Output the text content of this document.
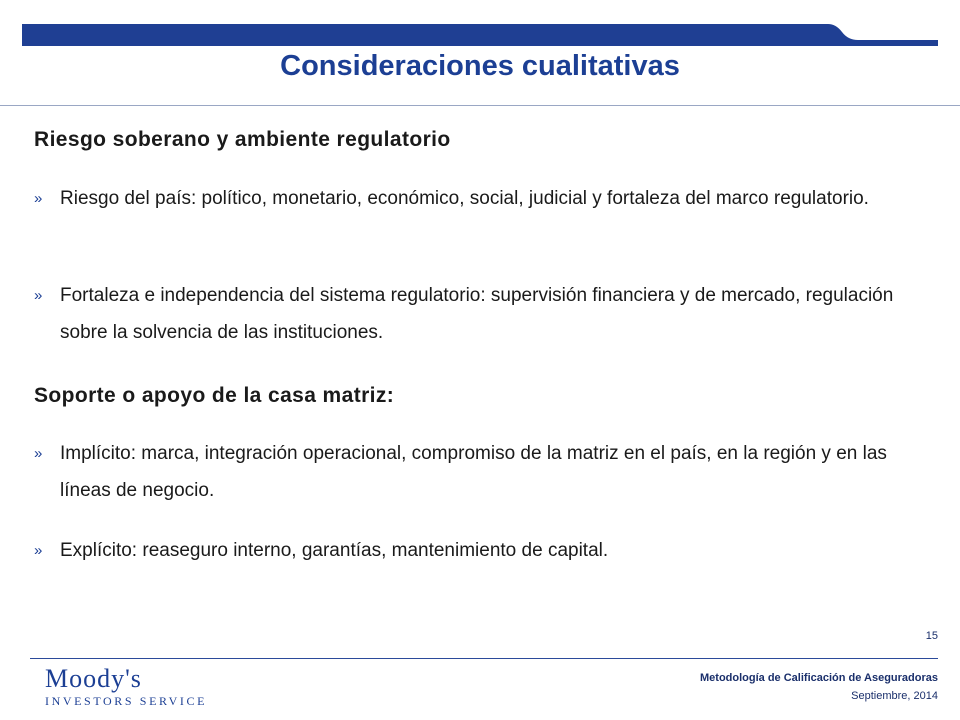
Consideraciones cualitativas
Riesgo soberano y ambiente regulatorio
» Riesgo del país: político, monetario, económico, social, judicial y fortaleza del marco regulatorio.
» Fortaleza e independencia del sistema regulatorio: supervisión financiera y de mercado, regulación sobre la solvencia de las instituciones.
Soporte o apoyo de la casa matriz:
» Implícito: marca, integración operacional, compromiso de la matriz en el país, en la región y en las líneas de negocio.
» Explícito: reaseguro interno, garantías, mantenimiento de capital.
15
Moody's
INVESTORS SERVICE
Metodología de Calificación de Aseguradoras
Septiembre, 2014
